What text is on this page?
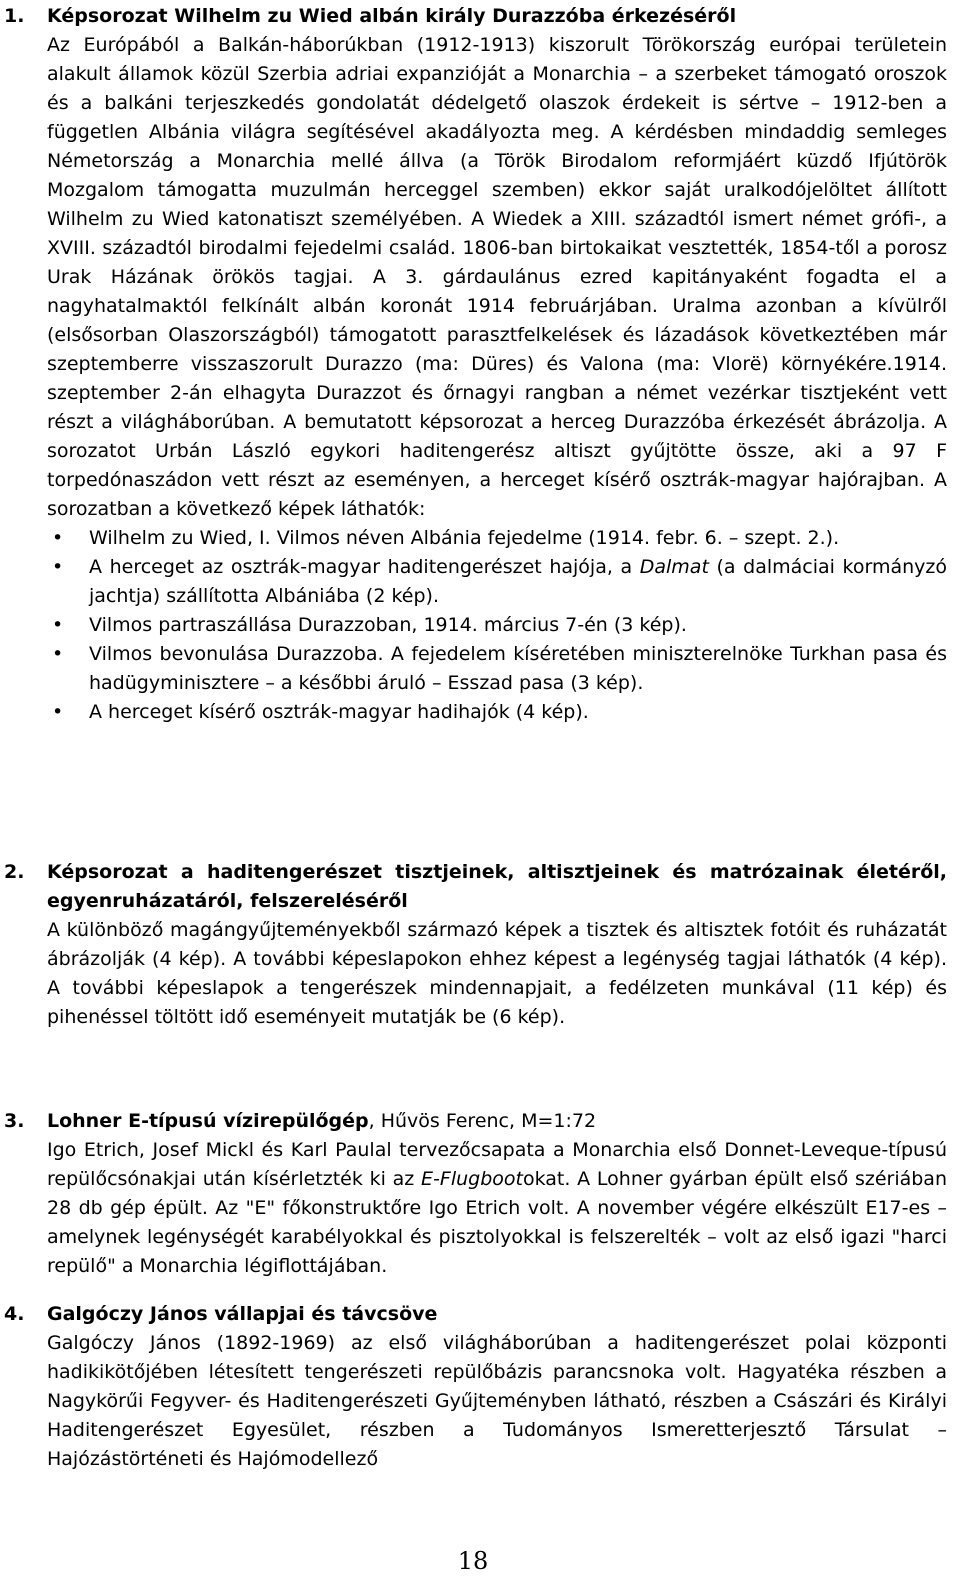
1. Képsorozat Wilhelm zu Wied albán király Durazzóba érkezéséről
Az Európából a Balkán-háborúkban (1912-1913) kiszorult Törökország európai területein alakult államok közül Szerbia adriai expanzióját a Monarchia – a szerbeket támogató oroszok és a balkáni terjeszkedés gondolatát dédelgető olaszok érdekeit is sértve – 1912-ben a független Albánia világra segítésével akadályozta meg. A kérdésben mindaddig semleges Németország a Monarchia mellé állva (a Török Birodalom reformjáért küzdő Ifjútörök Mozgalom támogatta muzulmán herceggel szemben) ekkor saját uralkodójelöltet állított Wilhelm zu Wied katonatiszt személyében. A Wiedek a XIII. századtól ismert német grófi-, a XVIII. századtól birodalmi fejedelmi család. 1806-ban birtokaikat vesztették, 1854-től a porosz Urak Házának örökös tagjai. A 3. gárdaulánus ezred kapitányaként fogadta el a nagyhatalmaktól felkínált albán koronát 1914 februárjában. Uralma azonban a kívülről (elsősorban Olaszországból) támogatott parasztfelkelések és lázadások következtében már szeptemberre visszaszorult Durazzo (ma: Düres) és Valona (ma: Vlorë) környékére.1914. szeptember 2-án elhagyta Durazzot és őrnagyi rangban a német vezérkar tisztjeként vett részt a világháborúban. A bemutatott képsorozat a herceg Durazzóba érkezését ábrázolja. A sorozatot Urbán László egykori haditengerész altiszt gyűjtötte össze, aki a 97 F torpedónaszádon vett részt az eseményen, a herceget kísérő osztrák-magyar hajórajban. A sorozatban a következő képek láthatók:
• Wilhelm zu Wied, I. Vilmos néven Albánia fejedelme (1914. febr. 6. – szept. 2.).
• A herceget az osztrák-magyar haditengerészet hajója, a Dalmat (a dalmáciai kormányzó jachtja) szállította Albániába (2 kép).
• Vilmos partraszállása Durazzoban, 1914. március 7-én (3 kép).
• Vilmos bevonulása Durazzoba. A fejedelem kíséretében miniszterelnöke Turkhan pasa és hadügyminisztere – a későbbi áruló – Esszad pasa (3 kép).
• A herceget kísérő osztrák-magyar hadihajók (4 kép).
2. Képsorozat a haditengerészet tisztjeinek, altisztjeinek és matrózainak életéről, egyenruházatáról, felszereléséről
A különböző magángyűjteményekből származó képek a tisztek és altisztek fotóit és ruházatát ábrázolják (4 kép). A további képeslapokon ehhez képest a legénység tagjai láthatók (4 kép). A további képeslapok a tengerészek mindennapjait, a fedélzeten munkával (11 kép) és pihenéssel töltött idő eseményeit mutatják be (6 kép).
3. Lohner E-típusú vízirepülőgép, Hűvös Ferenc, M=1:72
Igo Etrich, Josef Mickl és Karl Paulal tervezőcsapata a Monarchia első Donnet-Leveque-típusú repülőcsónakjai után kísérletzték ki az E-Flugbootokat. A Lohner gyárban épült első szériában 28 db gép épült. Az "E" főkonstruktőre Igo Etrich volt. A november végére elkészült E17-es – amelynek legénységét karabélyokkal és pisztolyokkal is felszerelték – volt az első igazi "harci repülő" a Monarchia légiflottájában.
4. Galgóczy János vállapjai és távcsöve
Galgóczy János (1892-1969) az első világháborúban a haditengerészet polai központi hadikikötőjében létesített tengerészeti repülőbázis parancsnoka volt. Hagyatéka részben a Nagykörűi Fegyver- és Haditengerészeti Gyűjteményben látható, részben a Császári és Királyi Haditengerészet Egyesület, részben a Tudományos Ismeretterjesztő Társulat – Hajózástörténeti és Hajómodellező
18
